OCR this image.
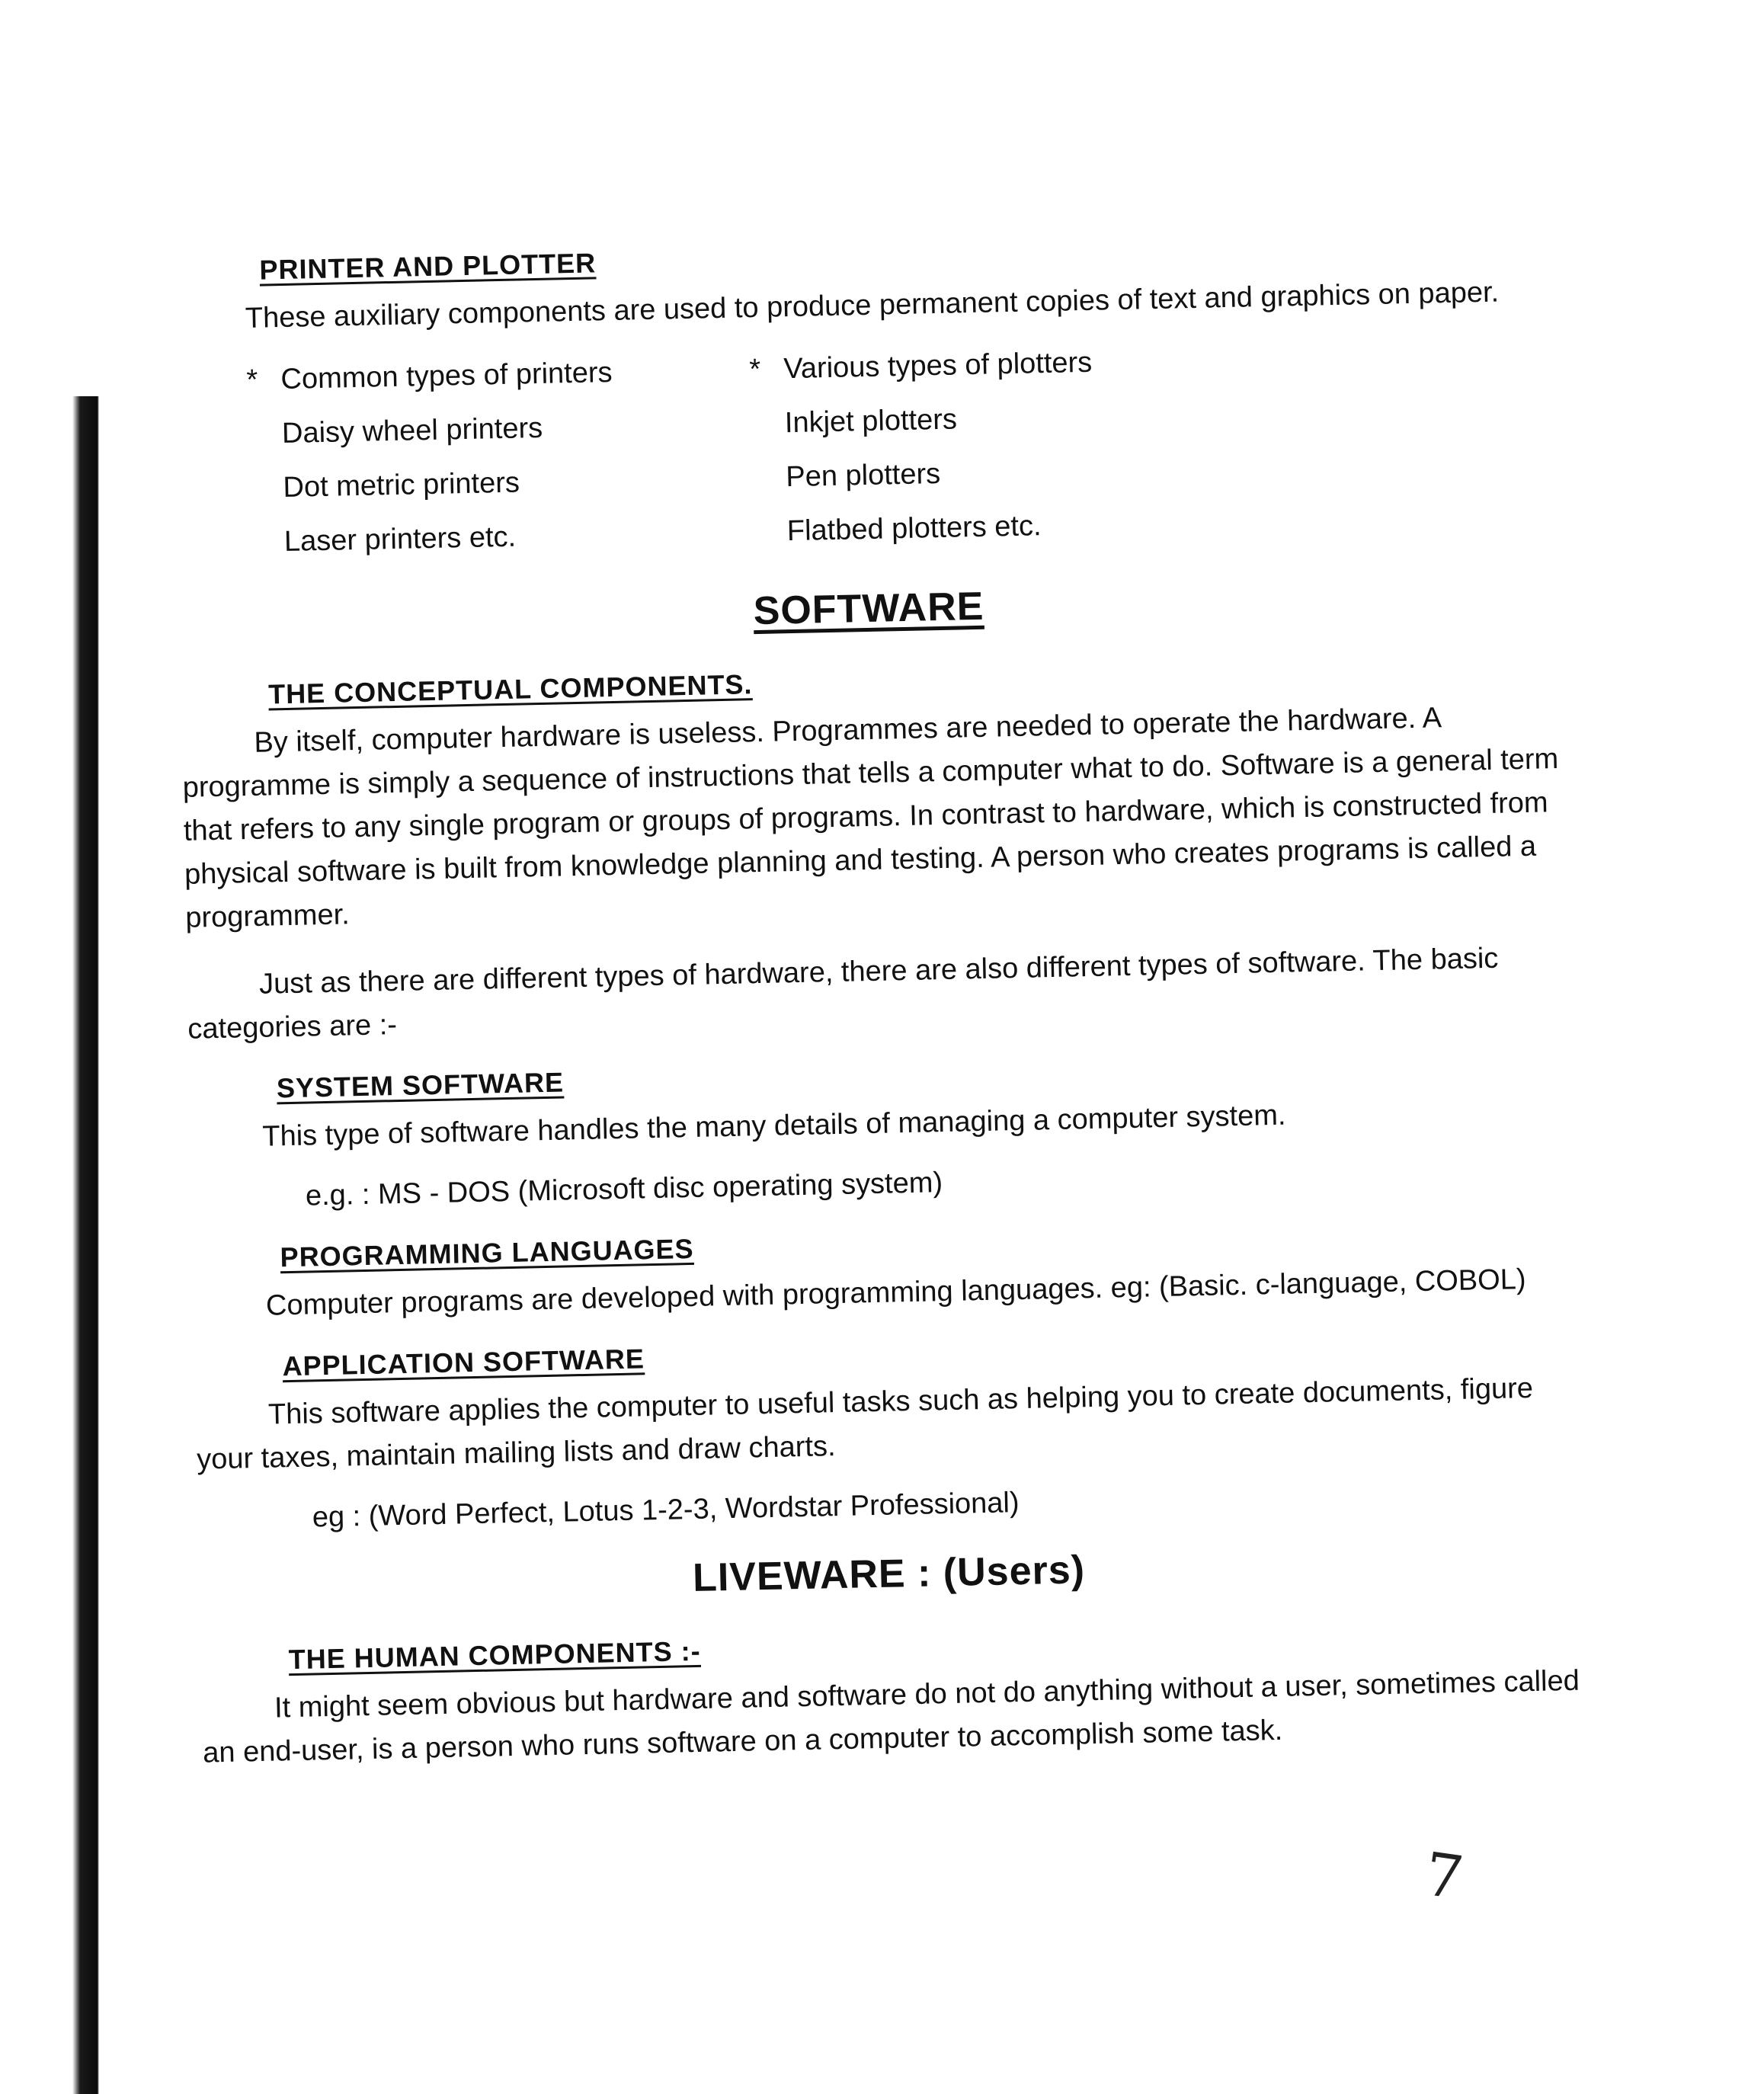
PRINTER AND PLOTTER

These auxiliary components are used to produce permanent copies of text and graphics on paper.

* Common types of printers
Daisy wheel printers
Dot metric printers
Laser printers etc.
* Various types of plotters
Inkjet plotters
Pen plotters
Flatbed plotters etc.
SOFTWARE
THE CONCEPTUAL COMPONENTS.

By itself, computer hardware is useless. Programmes are needed to operate the hardware. A programme is simply a sequence of instructions that tells a computer what to do. Software is a general term that refers to any single program or groups of programs. In contrast to hardware, which is constructed from physical software is built from knowledge planning and testing. A person who creates programs is called a programmer.

Just as there are different types of hardware, there are also different types of software. The basic categories are :-

SYSTEM SOFTWARE

This type of software handles the many details of managing a computer system.

e.g. : MS - DOS (Microsoft disc operating system)

PROGRAMMING LANGUAGES

Computer programs are developed with programming languages. eg: (Basic. c-language, COBOL)

APPLICATION SOFTWARE

This software applies the computer to useful tasks such as helping you to create documents, figure your taxes, maintain mailing lists and draw charts.

eg : (Word Perfect, Lotus 1-2-3, Wordstar Professional)

LIVEWARE : (Users)
THE HUMAN COMPONENTS :-

It might seem obvious but hardware and software do not do anything without a user, sometimes called an end-user, is a person who runs software on a computer to accomplish some task.

7
